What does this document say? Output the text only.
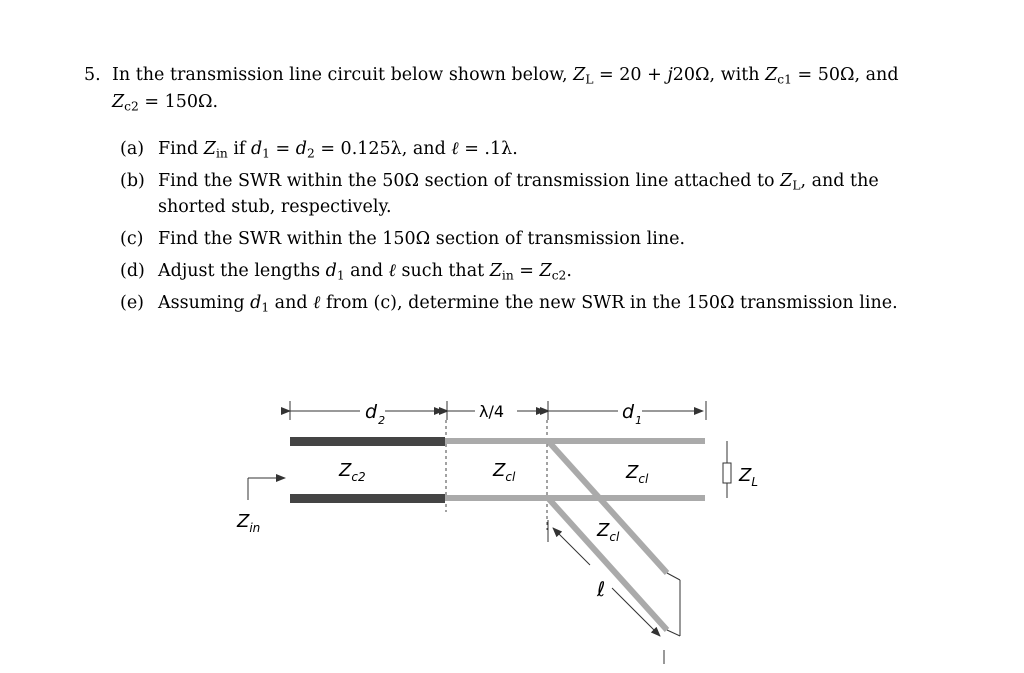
5. In the transmission line circuit below shown below, $Z_L = 20 + j20\Omega$, with $Z_{c1} = 50\Omega$, and
$Z_{c2} = 150\Omega$.
(a) Find $Z_{in}$ if $d_1 = d_2 = 0.125\lambda$, and ℓ = .1λ.
(b) Find the SWR within the 50Ω section of transmission line attached to $Z_L$, and the shorted stub, respectively.
(c) Find the SWR within the 150Ω section of transmission line.
(d) Adjust the lengths $d_1$ and ℓ such that $Z_{in} = Z_{c2}$.
(e) Assuming $d_1$ and ℓ from (c), determine the new SWR in the 150Ω transmission line.
$d_2$	λ/4	$d_1$
$Z_{c2}$	$Z_{cl}$	$Z_{cl}$
$Z_{cl}$
$Z_L$
$Z_{in}$
ℓ
